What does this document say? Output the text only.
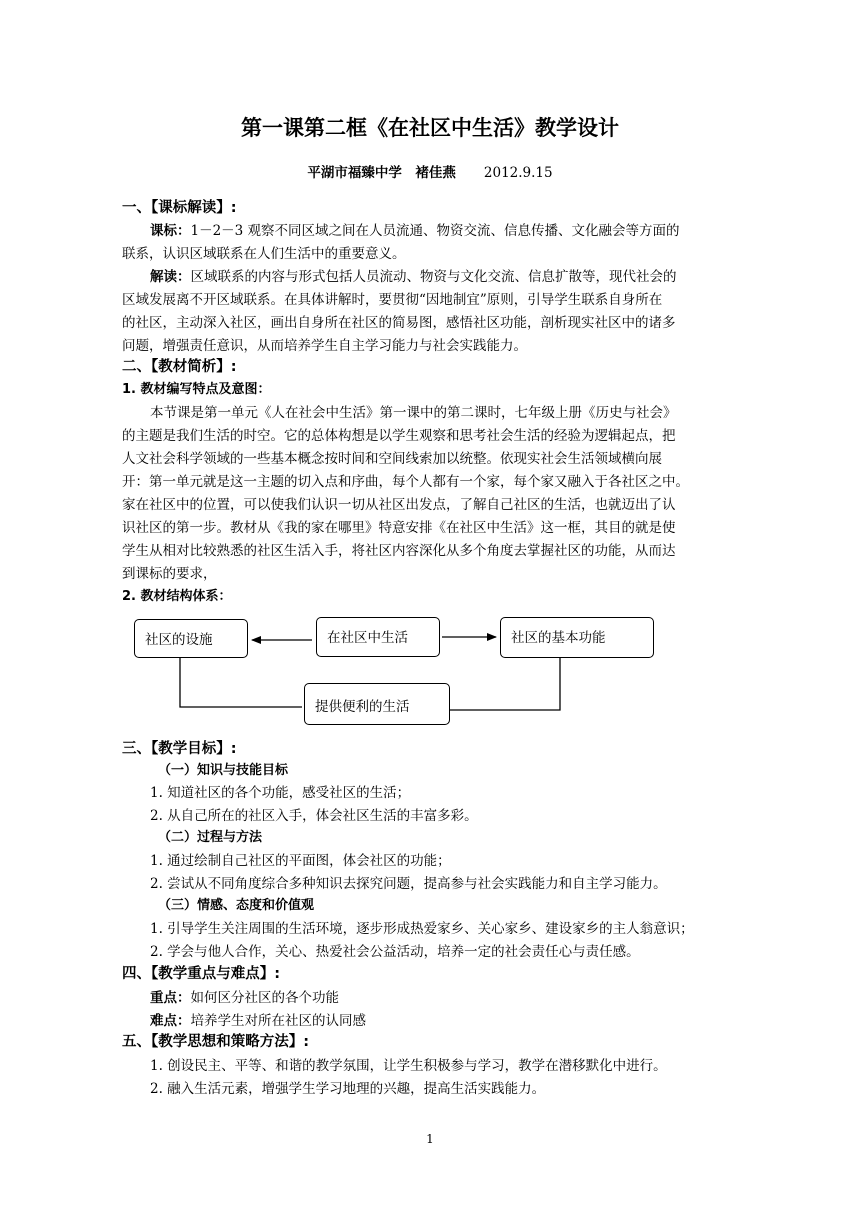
第一课第二框《在社区中生活》教学设计
平湖市福臻中学　褚佳燕 2012.9.15
一、【课标解读】:
课标：1－2－3 观察不同区域之间在人员流通、物资交流、信息传播、文化融会等方面的
联系，认识区域联系在人们生活中的重要意义。
解读：区域联系的内容与形式包括人员流动、物资与文化交流、信息扩散等，现代社会的
区域发展离不开区域联系。在具体讲解时，要贯彻“因地制宜”原则，引导学生联系自身所在
的社区，主动深入社区，画出自身所在社区的简易图，感悟社区功能，剖析现实社区中的诸多
问题，增强责任意识，从而培养学生自主学习能力与社会实践能力。
二、【教材简析】:
1. 教材编写特点及意图：
本节课是第一单元《人在社会中生活》第一课中的第二课时，七年级上册《历史与社会》
的主题是我们生活的时空。它的总体构想是以学生观察和思考社会生活的经验为逻辑起点，把
人文社会科学领域的一些基本概念按时间和空间线索加以统整。依现实社会生活领域横向展
开：第一单元就是这一主题的切入点和序曲，每个人都有一个家，每个家又融入于各社区之中。
家在社区中的位置，可以使我们认识一切从社区出发点，了解自己社区的生活，也就迈出了认
识社区的第一步。教材从《我的家在哪里》特意安排《在社区中生活》这一框，其目的就是使
学生从相对比较熟悉的社区生活入手，将社区内容深化从多个角度去掌握社区的功能，从而达
到课标的要求，
2. 教材结构体系：
社区的设施	在社区中生活	社区的基本功能
提供便利的生活
三、【教学目标】:
（一）知识与技能目标
1. 知道社区的各个功能，感受社区的生活；
2. 从自己所在的社区入手，体会社区生活的丰富多彩。
（二）过程与方法
1. 通过绘制自己社区的平面图，体会社区的功能；
2. 尝试从不同角度综合多种知识去探究问题，提高参与社会实践能力和自主学习能力。
（三）情感、态度和价值观
1. 引导学生关注周围的生活环境，逐步形成热爱家乡、关心家乡、建设家乡的主人翁意识；
2. 学会与他人合作，关心、热爱社会公益活动，培养一定的社会责任心与责任感。
四、【教学重点与难点】:
重点：如何区分社区的各个功能
难点：培养学生对所在社区的认同感
五、【教学思想和策略方法】:
1. 创设民主、平等、和谐的教学氛围，让学生积极参与学习，教学在潜移默化中进行。
2. 融入生活元素，增强学生学习地理的兴趣，提高生活实践能力。
1
